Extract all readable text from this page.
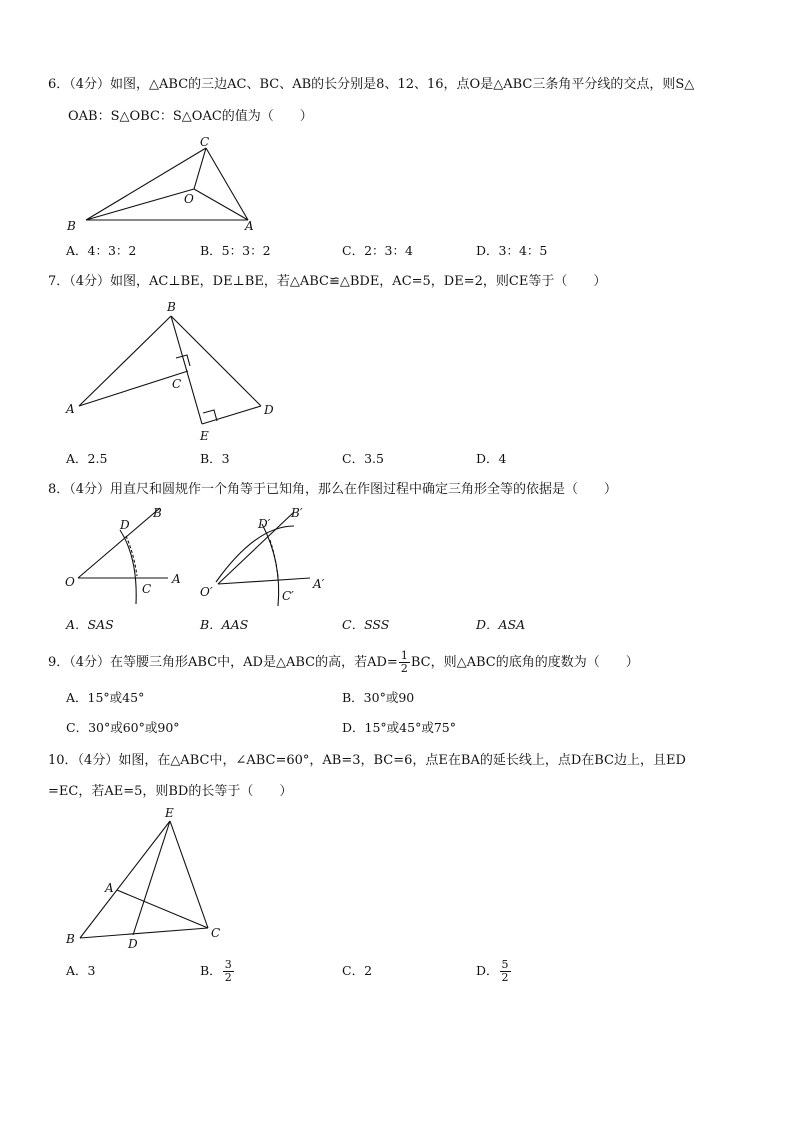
6．（4分）如图，△ABC的三边AC、BC、AB的长分别是8、12、16，点O是△ABC三条角平分线的交点，则S△
OAB：S△OBC：S△OAC的值为（　　）
C
O
B	A
A．4：3：2	B．5：3：2	C．2：3：4	D．3：4：5
7．（4分）如图，AC⊥BE，DE⊥BE，若△ABC≌△BDE，AC=5，DE=2，则CE等于（　　）
B
C
A
E
D
A．2.5	B．3	C．3.5	D．4
8．（4分）用直尺和圆规作一个角等于已知角，那么在作图过程中确定三角形全等的依据是（　　）
D
B
O	C
A
D′
B′
O′	C′
A′
A．SAS	B．AAS	C．SSS	D．ASA
9．（4分）在等腰三角形ABC中，AD是△ABC的高，若$AD= \frac{1}{2}$ BC，则△ABC的底角的度数为（　　）
A．15°或45°	B．30°或90
C．30°或60°或90°	D．15°或45°或75°
10．（4分）如图，在△ABC中，∠ABC=60°，AB=3，BC=6，点E在BA的延长线上，点D在BC边上，且ED
=EC，若AE=5，则BD的长等于（　　）
E
A
B	D
C
A．3	B． $\frac{3}{2}$	C．2	D． $\frac{5}{2}$
